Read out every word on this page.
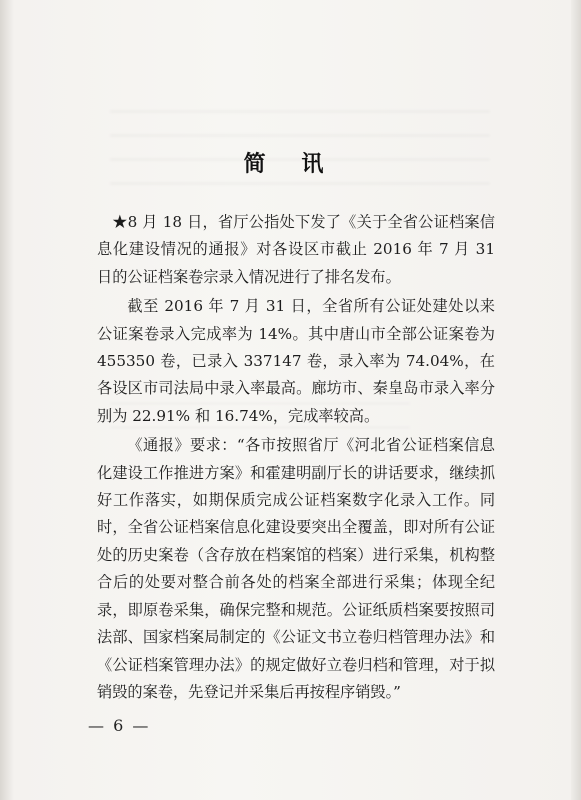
简 讯

★8 月 18 日，省厅公指处下发了《关于全省公证档案信息化建设情况的通报》对各设区市截止 2016 年 7 月 31 日的公证档案卷宗录入情况进行了排名发布。

截至 2016 年 7 月 31 日，全省所有公证处建处以来公证案卷录入完成率为 14%。其中唐山市全部公证案卷为 455350 卷，已录入 337147 卷，录入率为 74.04%，在各设区市司法局中录入率最高。廊坊市、秦皇岛市录入率分别为 22.91% 和 16.74%，完成率较高。

《通报》要求：“各市按照省厅《河北省公证档案信息化建设工作推进方案》和霍建明副厅长的讲话要求，继续抓好工作落实，如期保质完成公证档案数字化录入工作。同时，全省公证档案信息化建设要突出全覆盖，即对所有公证处的历史案卷（含存放在档案馆的档案）进行采集，机构整合后的处要对整合前各处的档案全部进行采集；体现全纪录，即原卷采集，确保完整和规范。公证纸质档案要按照司法部、国家档案局制定的《公证文书立卷归档管理办法》和《公证档案管理办法》的规定做好立卷归档和管理，对于拟销毁的案卷，先登记并采集后再按程序销毁。”

— 6 —
